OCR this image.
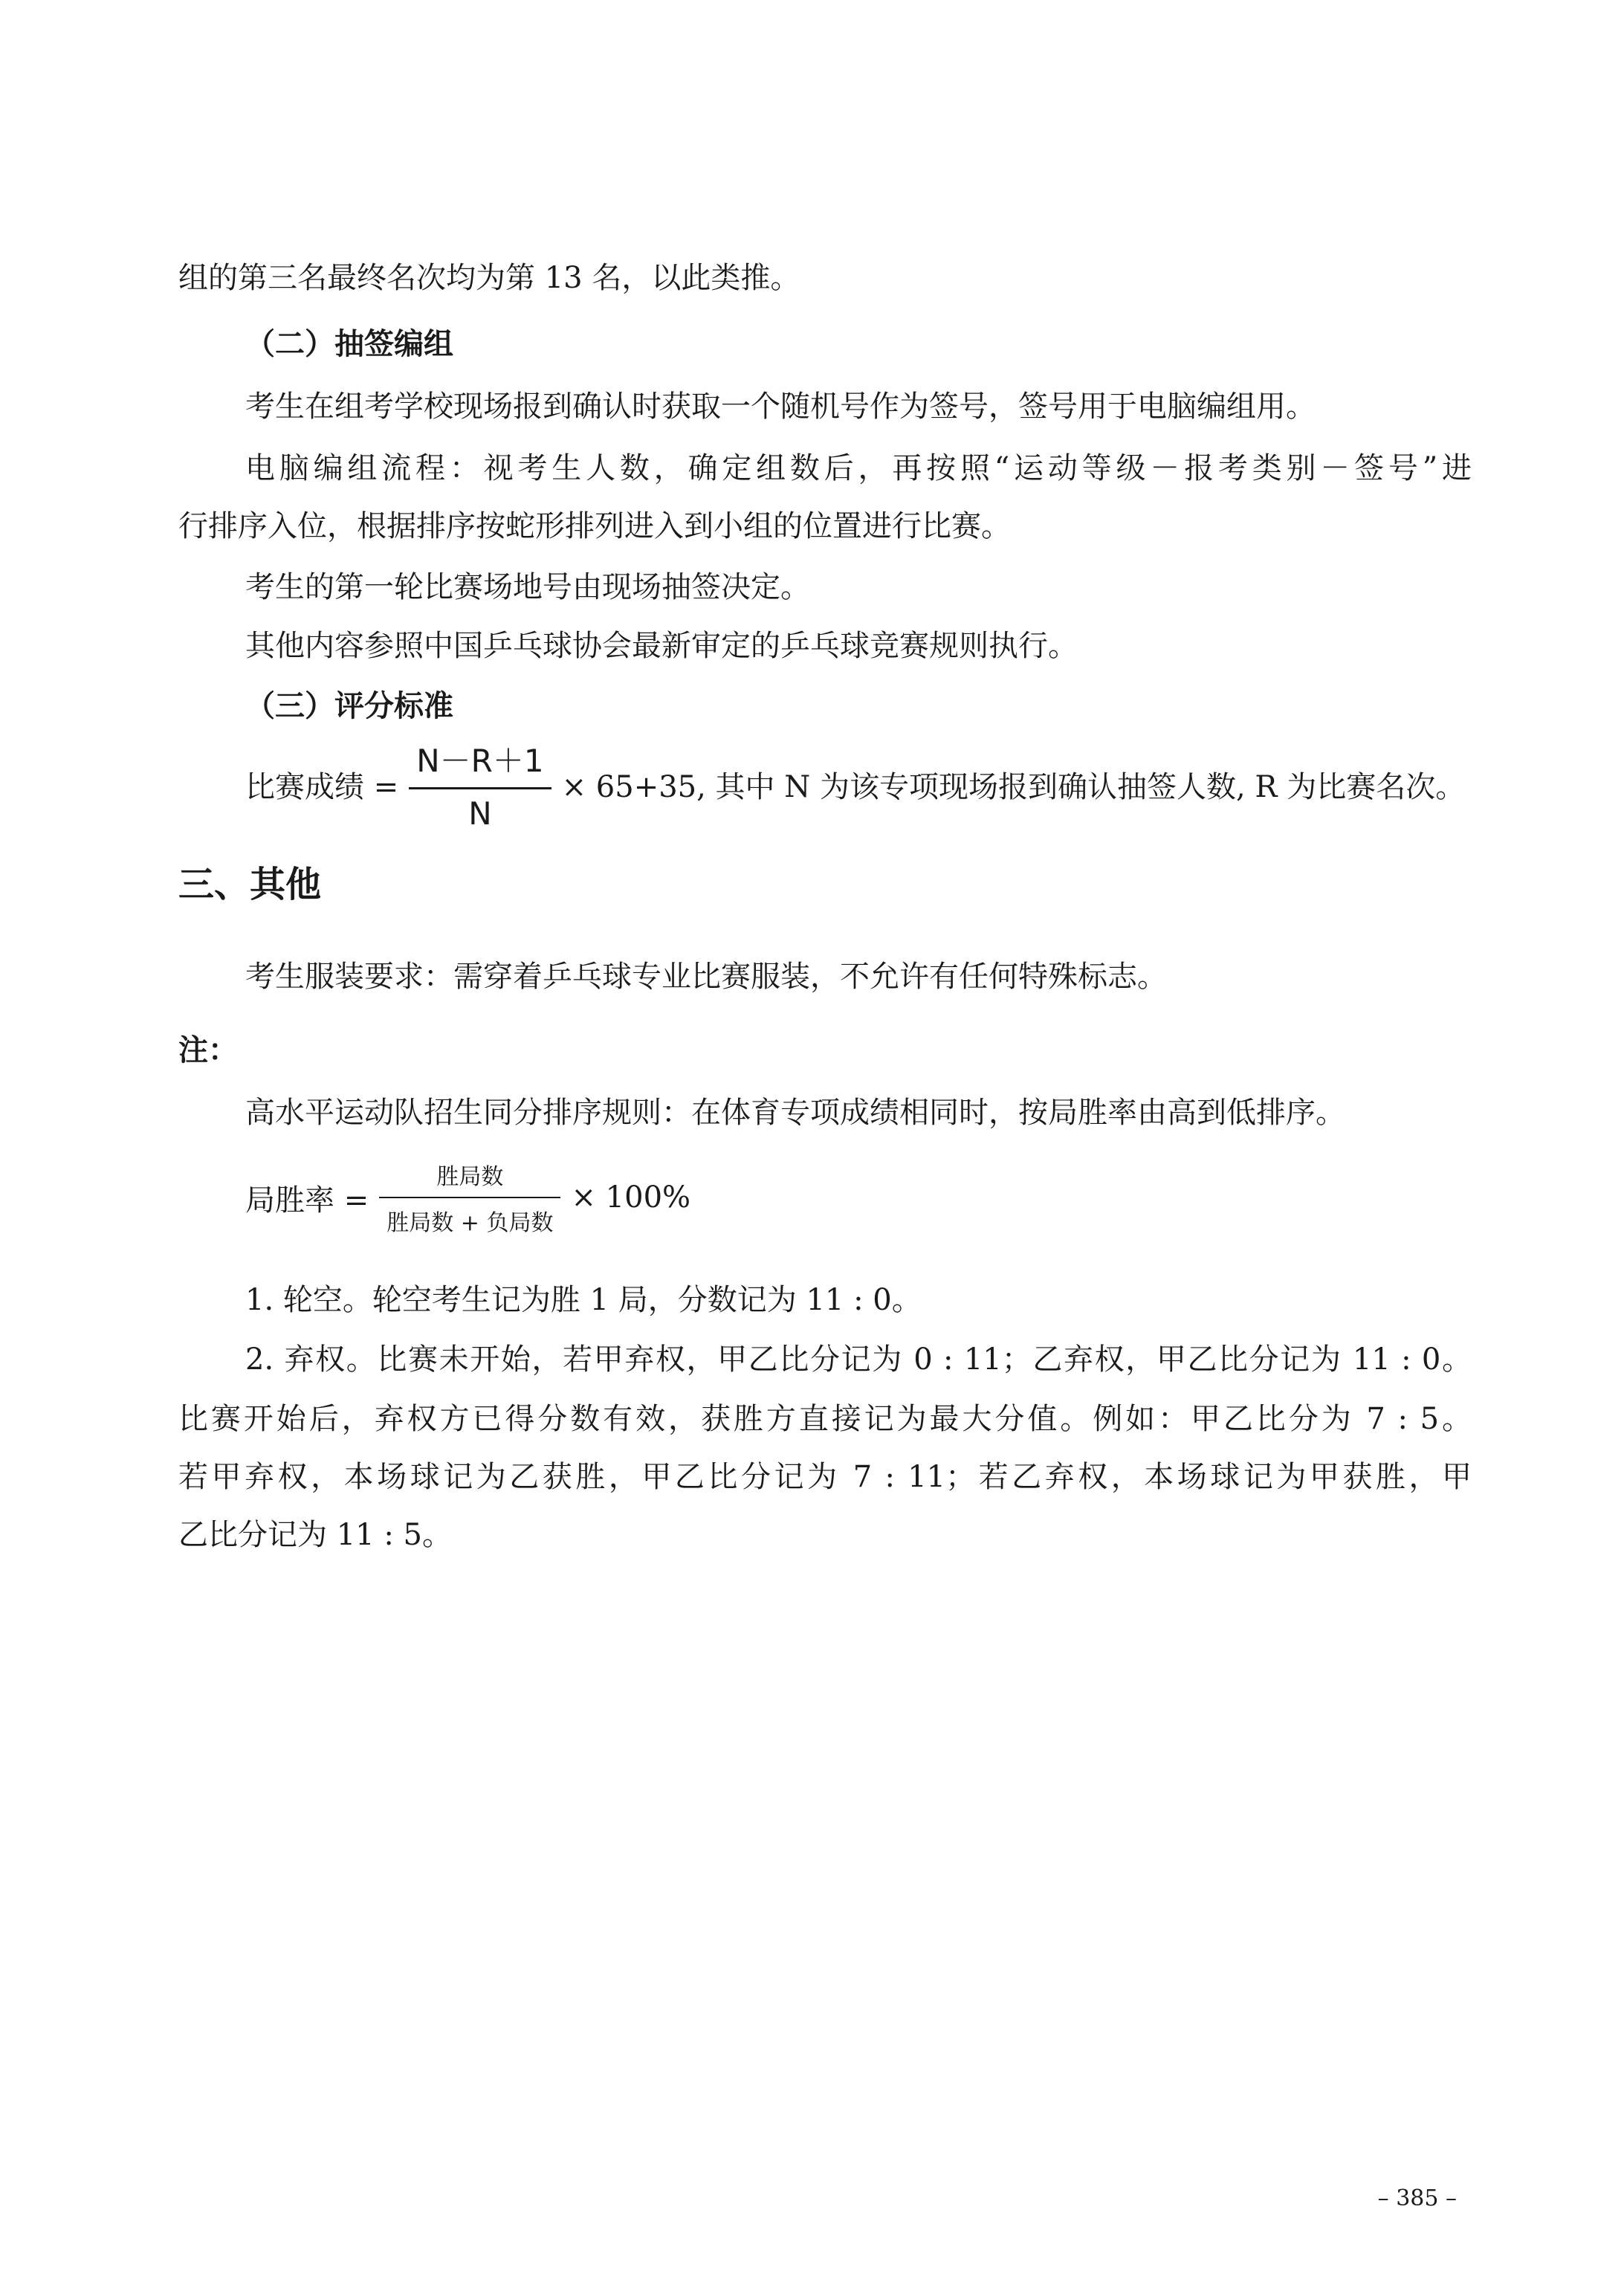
组的第三名最终名次均为第 13 名，以此类推。
（二）抽签编组
考生在组考学校现场报到确认时获取一个随机号作为签号，签号用于电脑编组用。
电脑编组流程：视考生人数，确定组数后，再按照“运动等级－报考类别－签号”进
行排序入位，根据排序按蛇形排列进入到小组的位置进行比赛。
考生的第一轮比赛场地号由现场抽签决定。
其他内容参照中国乒乓球协会最新审定的乒乓球竞赛规则执行。
（三）评分标准
比赛成绩 = $\frac{N-R+1}{N} \times 65+35$, 其中 N 为该专项现场报到确认抽签人数, R 为比赛名次。
三、其他
考生服装要求：需穿着乒乓球专业比赛服装，不允许有任何特殊标志。
注：
高水平运动队招生同分排序规则：在体育专项成绩相同时，按局胜率由高到低排序。
局胜率 = $\frac{\text{胜局数}}{\text{胜局数 + 负局数}} \times 100\%$
1. 轮空。轮空考生记为胜 1 局，分数记为 11 : 0。
2. 弃权。比赛未开始，若甲弃权，甲乙比分记为 0 : 11；乙弃权，甲乙比分记为 11 : 0。
比赛开始后，弃权方已得分数有效，获胜方直接记为最大分值。例如：甲乙比分为 7 : 5。
若甲弃权，本场球记为乙获胜，甲乙比分记为 7 : 11；若乙弃权，本场球记为甲获胜，甲
乙比分记为 11 : 5。
– 385 –
